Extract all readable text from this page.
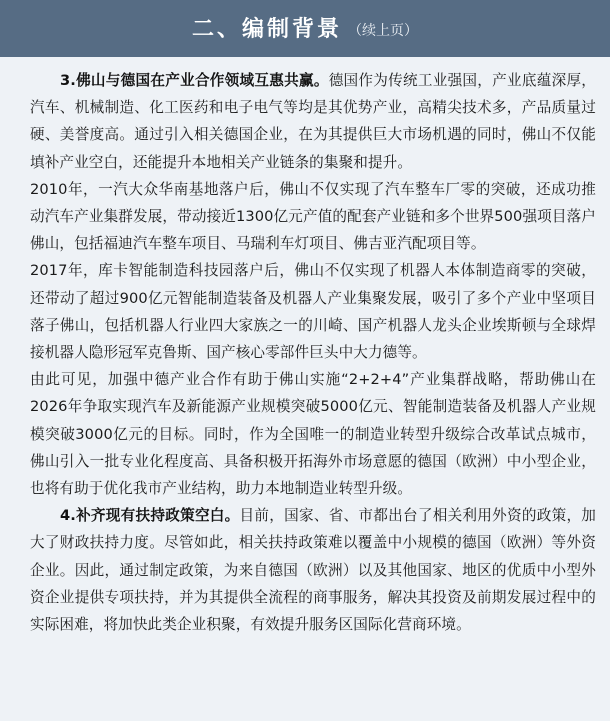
二、编制背景 （续上页）

3.佛山与德国在产业合作领域互惠共赢。德国作为传统工业强国，产业底蕴深厚，汽车、机械制造、化工医药和电子电气等均是其优势产业，高精尖技术多，产品质量过硬、美誉度高。通过引入相关德国企业，在为其提供巨大市场机遇的同时，佛山不仅能填补产业空白，还能提升本地相关产业链条的集聚和提升。

2010年，一汽大众华南基地落户后，佛山不仅实现了汽车整车厂零的突破，还成功推动汽车产业集群发展，带动接近1300亿元产值的配套产业链和多个世界500强项目落户佛山，包括福迪汽车整车项目、马瑞利车灯项目、佛吉亚汽配项目等。

2017年，库卡智能制造科技园落户后，佛山不仅实现了机器人本体制造商零的突破，还带动了超过900亿元智能制造装备及机器人产业集聚发展，吸引了多个产业中坚项目落子佛山，包括机器人行业四大家族之一的川崎、国产机器人龙头企业埃斯顿与全球焊接机器人隐形冠军克鲁斯、国产核心零部件巨头中大力德等。

由此可见，加强中德产业合作有助于佛山实施“2+2+4”产业集群战略，帮助佛山在2026年争取实现汽车及新能源产业规模突破5000亿元、智能制造装备及机器人产业规模突破3000亿元的目标。同时，作为全国唯一的制造业转型升级综合改革试点城市，佛山引入一批专业化程度高、具备积极开拓海外市场意愿的德国（欧洲）中小型企业，也将有助于优化我市产业结构，助力本地制造业转型升级。

4.补齐现有扶持政策空白。目前，国家、省、市都出台了相关利用外资的政策，加大了财政扶持力度。尽管如此，相关扶持政策难以覆盖中小规模的德国（欧洲）等外资企业。因此，通过制定政策，为来自德国（欧洲）以及其他国家、地区的优质中小型外资企业提供专项扶持，并为其提供全流程的商事服务，解决其投资及前期发展过程中的实际困难，将加快此类企业积聚，有效提升服务区国际化营商环境。
